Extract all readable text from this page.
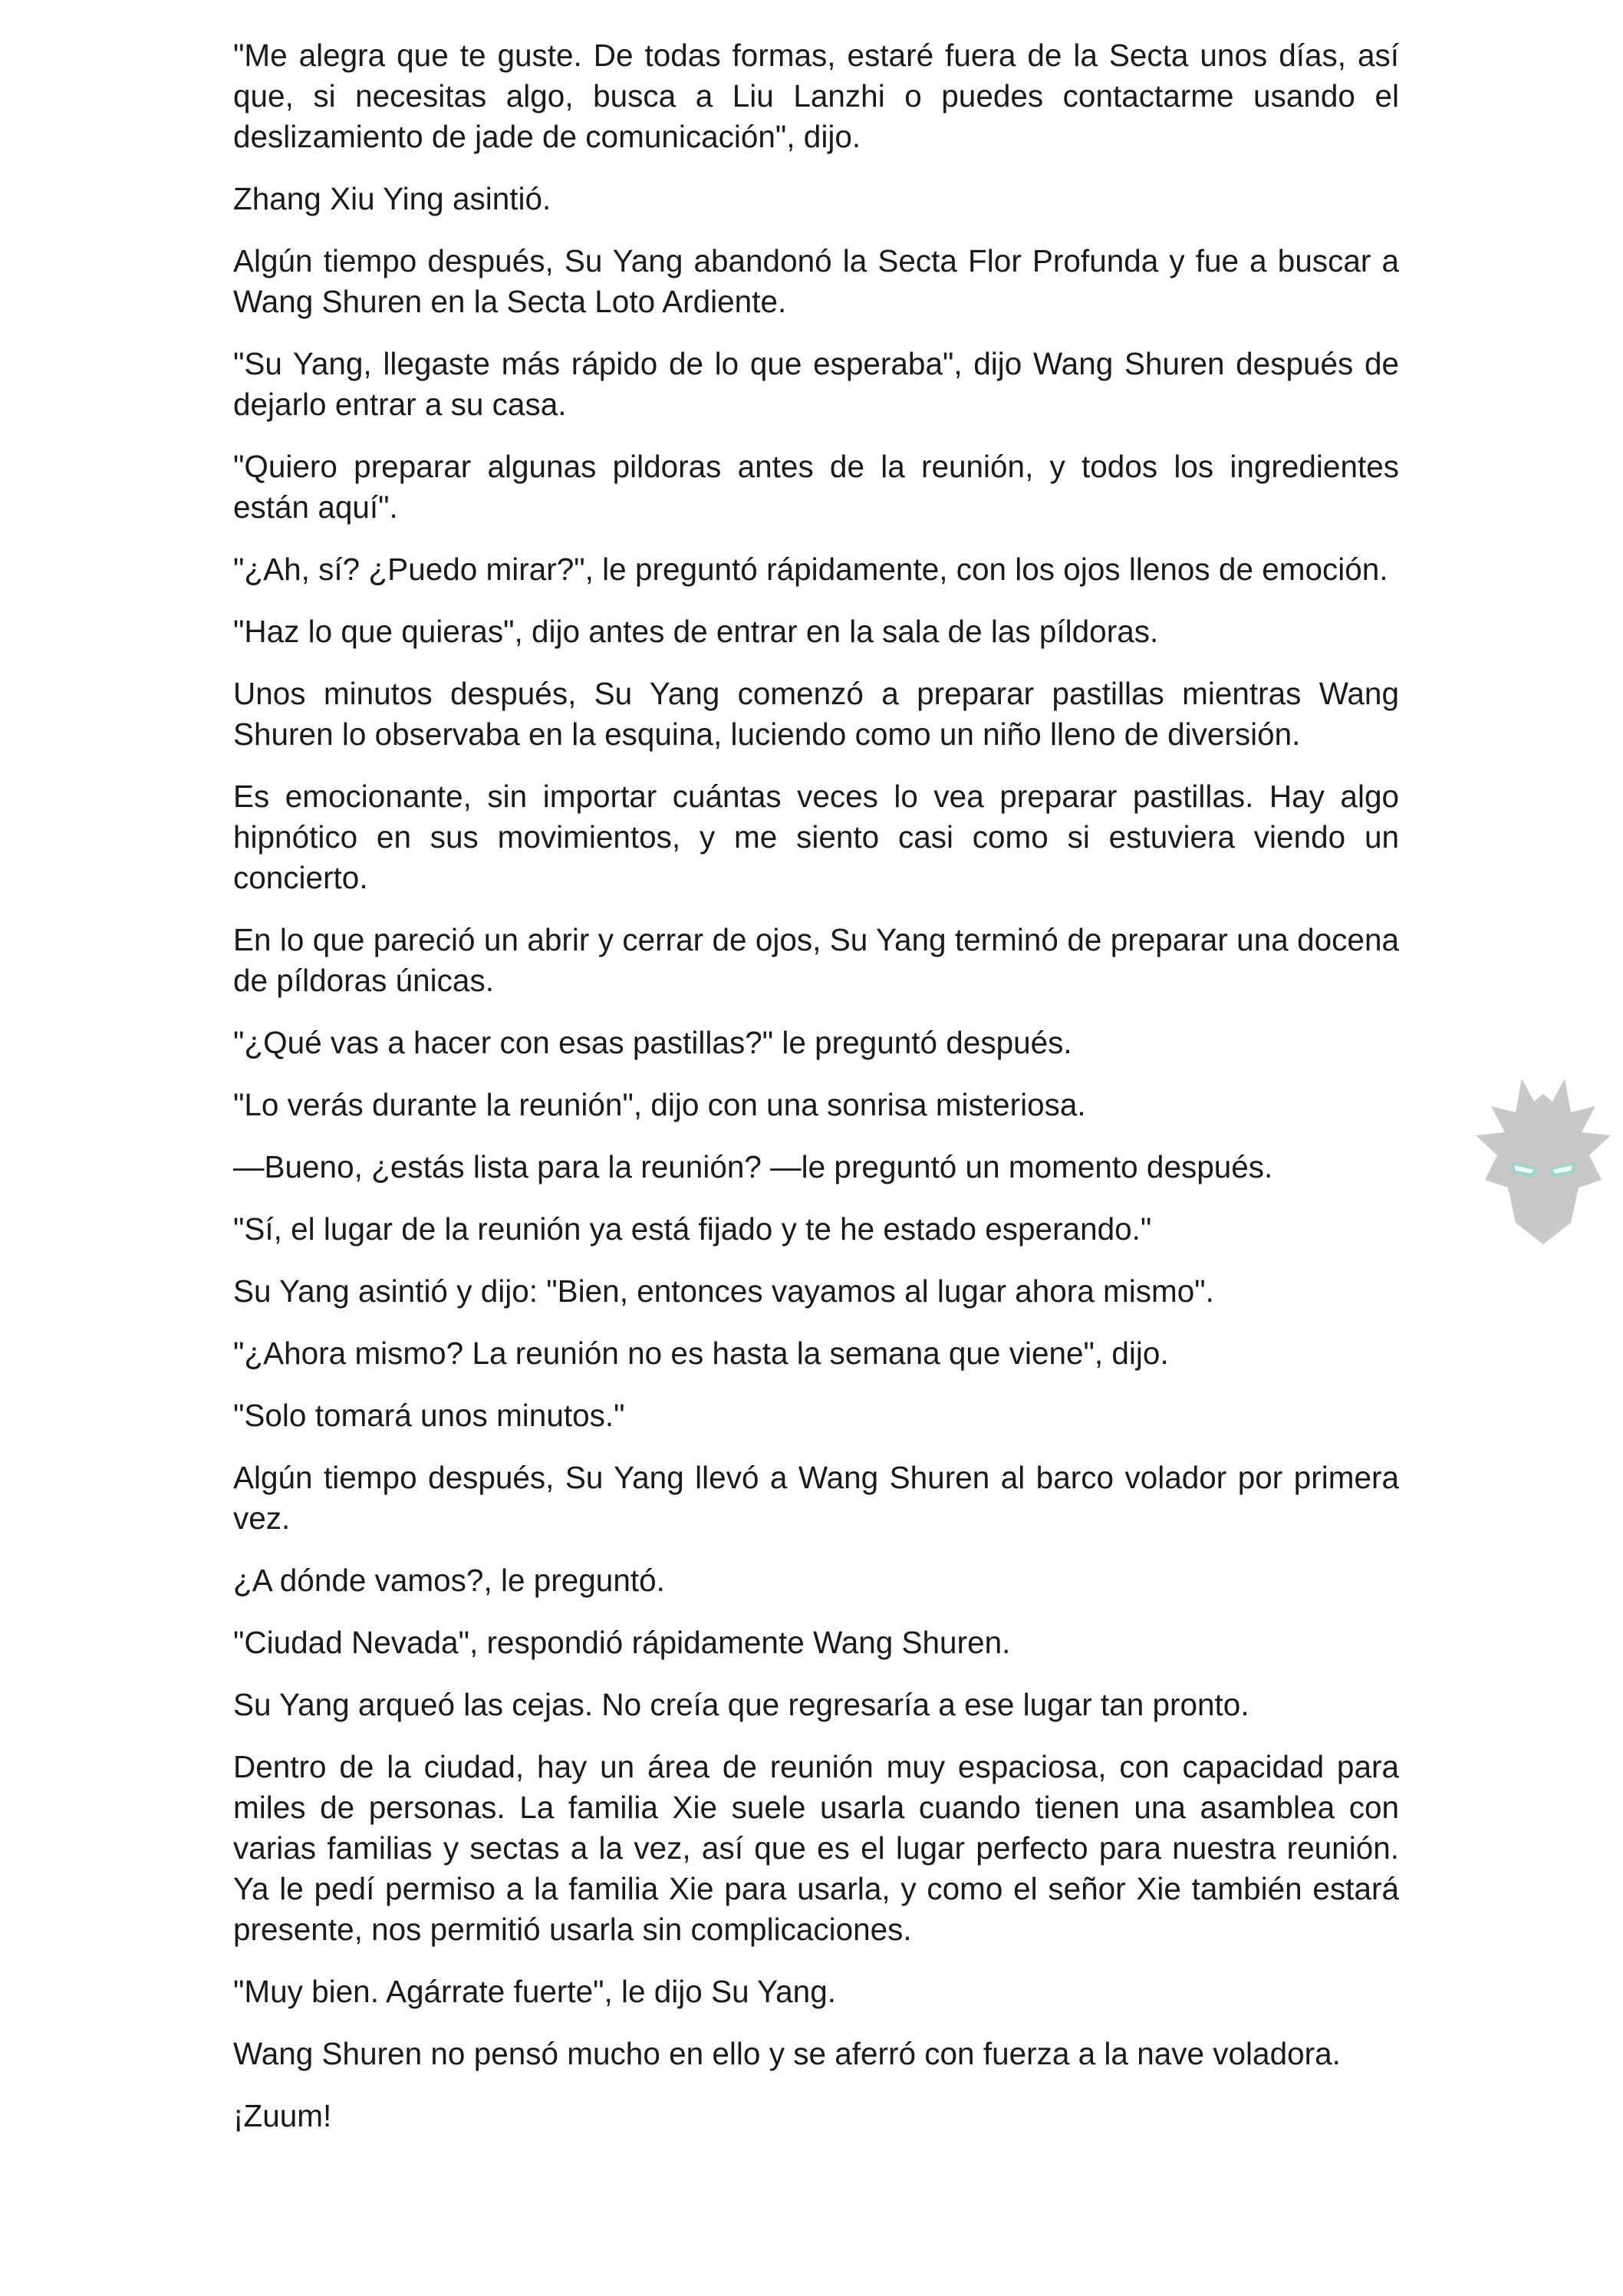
"Me alegra que te guste. De todas formas, estaré fuera de la Secta unos días, así que, si necesitas algo, busca a Liu Lanzhi o puedes contactarme usando el deslizamiento de jade de comunicación", dijo.

Zhang Xiu Ying asintió.

Algún tiempo después, Su Yang abandonó la Secta Flor Profunda y fue a buscar a Wang Shuren en la Secta Loto Ardiente.

"Su Yang, llegaste más rápido de lo que esperaba", dijo Wang Shuren después de dejarlo entrar a su casa.

"Quiero preparar algunas pildoras antes de la reunión, y todos los ingredientes están aquí".

"¿Ah, sí? ¿Puedo mirar?", le preguntó rápidamente, con los ojos llenos de emoción.

"Haz lo que quieras", dijo antes de entrar en la sala de las píldoras.

Unos minutos después, Su Yang comenzó a preparar pastillas mientras Wang Shuren lo observaba en la esquina, luciendo como un niño lleno de diversión.

Es emocionante, sin importar cuántas veces lo vea preparar pastillas. Hay algo hipnótico en sus movimientos, y me siento casi como si estuviera viendo un concierto.

En lo que pareció un abrir y cerrar de ojos, Su Yang terminó de preparar una docena de píldoras únicas.

"¿Qué vas a hacer con esas pastillas?" le preguntó después.

"Lo verás durante la reunión", dijo con una sonrisa misteriosa.

—Bueno, ¿estás lista para la reunión? —le preguntó un momento después.

"Sí, el lugar de la reunión ya está fijado y te he estado esperando."

Su Yang asintió y dijo: "Bien, entonces vayamos al lugar ahora mismo".

"¿Ahora mismo? La reunión no es hasta la semana que viene", dijo.

"Solo tomará unos minutos."

Algún tiempo después, Su Yang llevó a Wang Shuren al barco volador por primera vez.

¿A dónde vamos?, le preguntó.

"Ciudad Nevada", respondió rápidamente Wang Shuren.

Su Yang arqueó las cejas. No creía que regresaría a ese lugar tan pronto.

Dentro de la ciudad, hay un área de reunión muy espaciosa, con capacidad para miles de personas. La familia Xie suele usarla cuando tienen una asamblea con varias familias y sectas a la vez, así que es el lugar perfecto para nuestra reunión. Ya le pedí permiso a la familia Xie para usarla, y como el señor Xie también estará presente, nos permitió usarla sin complicaciones.

"Muy bien. Agárrate fuerte", le dijo Su Yang.

Wang Shuren no pensó mucho en ello y se aferró con fuerza a la nave voladora.

¡Zuum!
